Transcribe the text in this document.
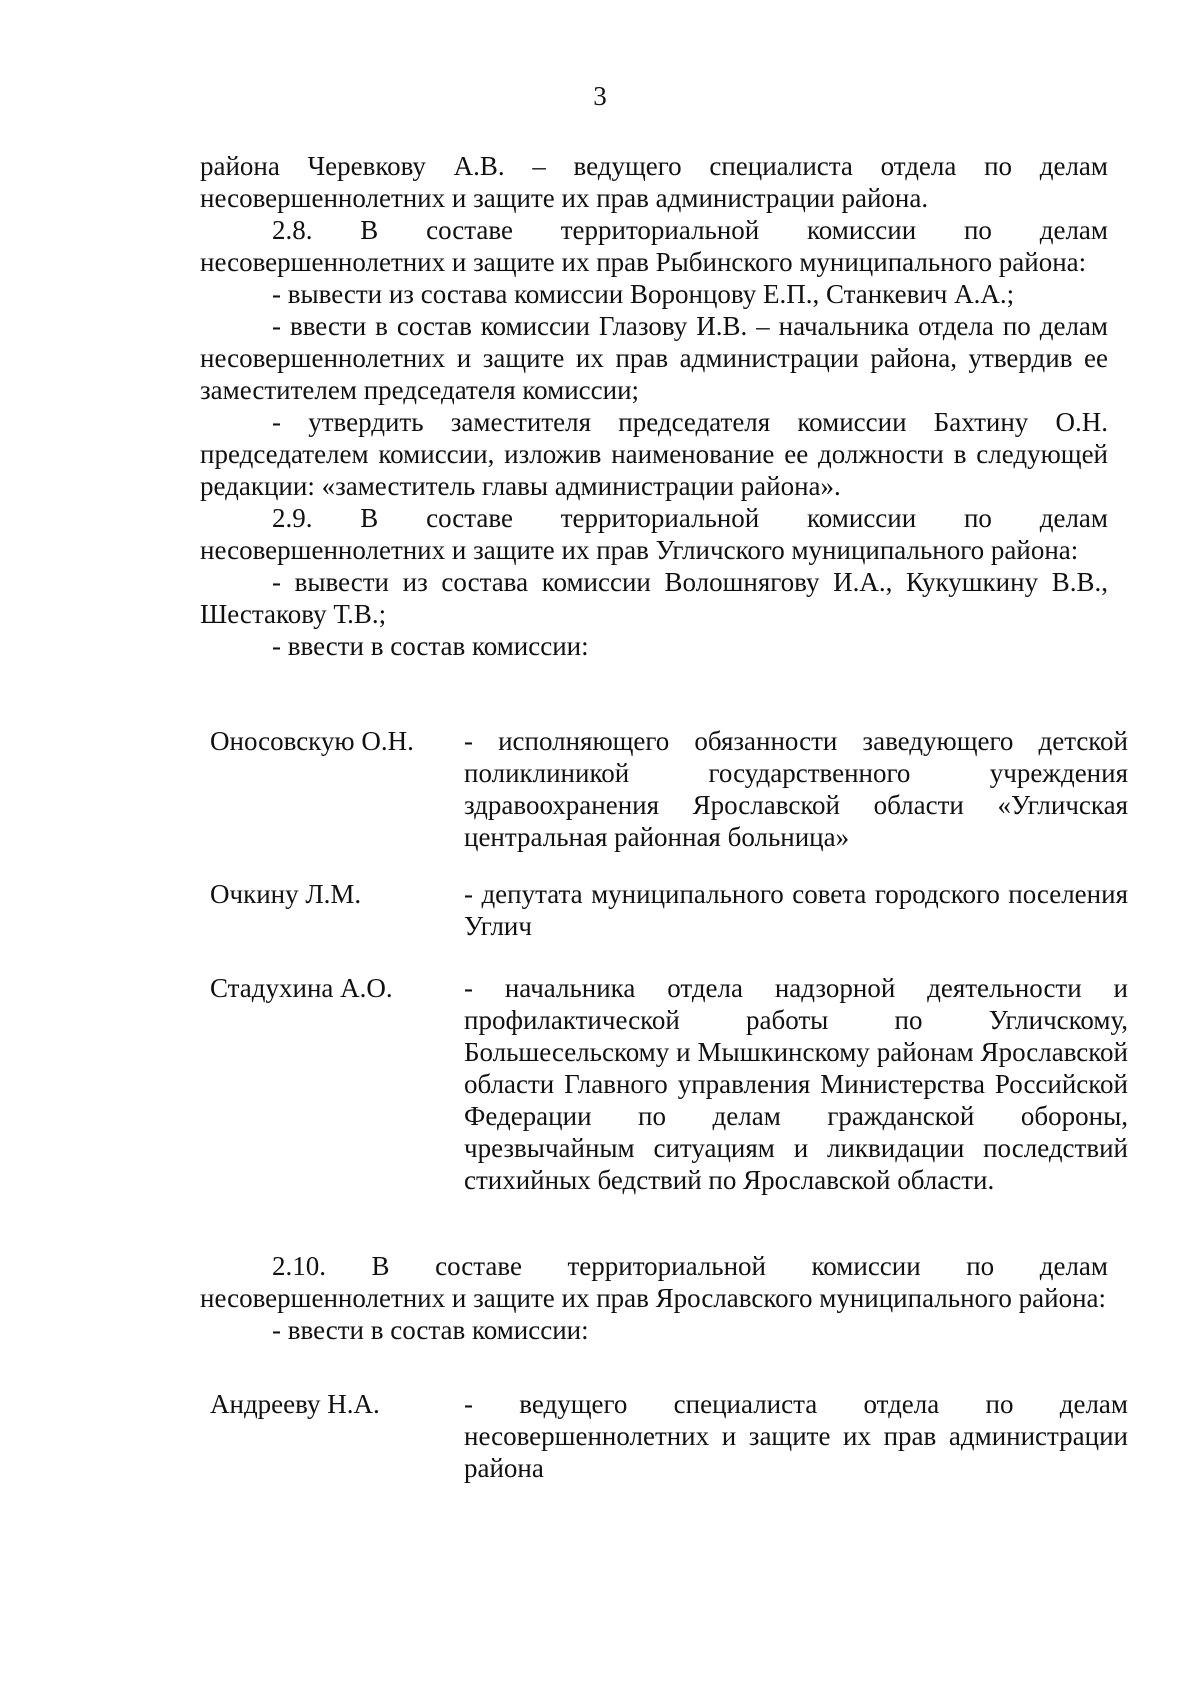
3

района Черевкову А.В. – ведущего специалиста отдела по делам несовершеннолетних и защите их прав администрации района.

2.8. В составе территориальной комиссии по делам несовершеннолетних и защите их прав Рыбинского муниципального района:

- вывести из состава комиссии Воронцову Е.П., Станкевич А.А.;

- ввести в состав комиссии Глазову И.В. – начальника отдела по делам несовершеннолетних и защите их прав администрации района, утвердив ее заместителем председателя комиссии;

- утвердить заместителя председателя комиссии Бахтину О.Н. председателем комиссии, изложив наименование ее должности в следующей редакции: «заместитель главы администрации района».

2.9. В составе территориальной комиссии по делам несовершеннолетних и защите их прав Угличского муниципального района:

- вывести из состава комиссии Волошнягову И.А., Кукушкину В.В., Шестакову Т.В.;

- ввести в состав комиссии:

Оносовскую О.Н.	- исполняющего обязанности заведующего детской поликлиникой государственного учреждения здравоохранения Ярославской области «Угличская центральная районная больница»
Очкину Л.М.	- депутата муниципального совета городского поселения Углич
Стадухина А.О.	- начальника отдела надзорной деятельности и профилактической работы по Угличскому, Большесельскому и Мышкинскому районам Ярославской области Главного управления Министерства Российской Федерации по делам гражданской обороны, чрезвычайным ситуациям и ликвидации последствий стихийных бедствий по Ярославской области.

2.10. В составе территориальной комиссии по делам несовершеннолетних и защите их прав Ярославского муниципального района:

- ввести в состав комиссии:

Андрееву Н.А.	- ведущего специалиста отдела по делам несовершеннолетних и защите их прав администрации района
